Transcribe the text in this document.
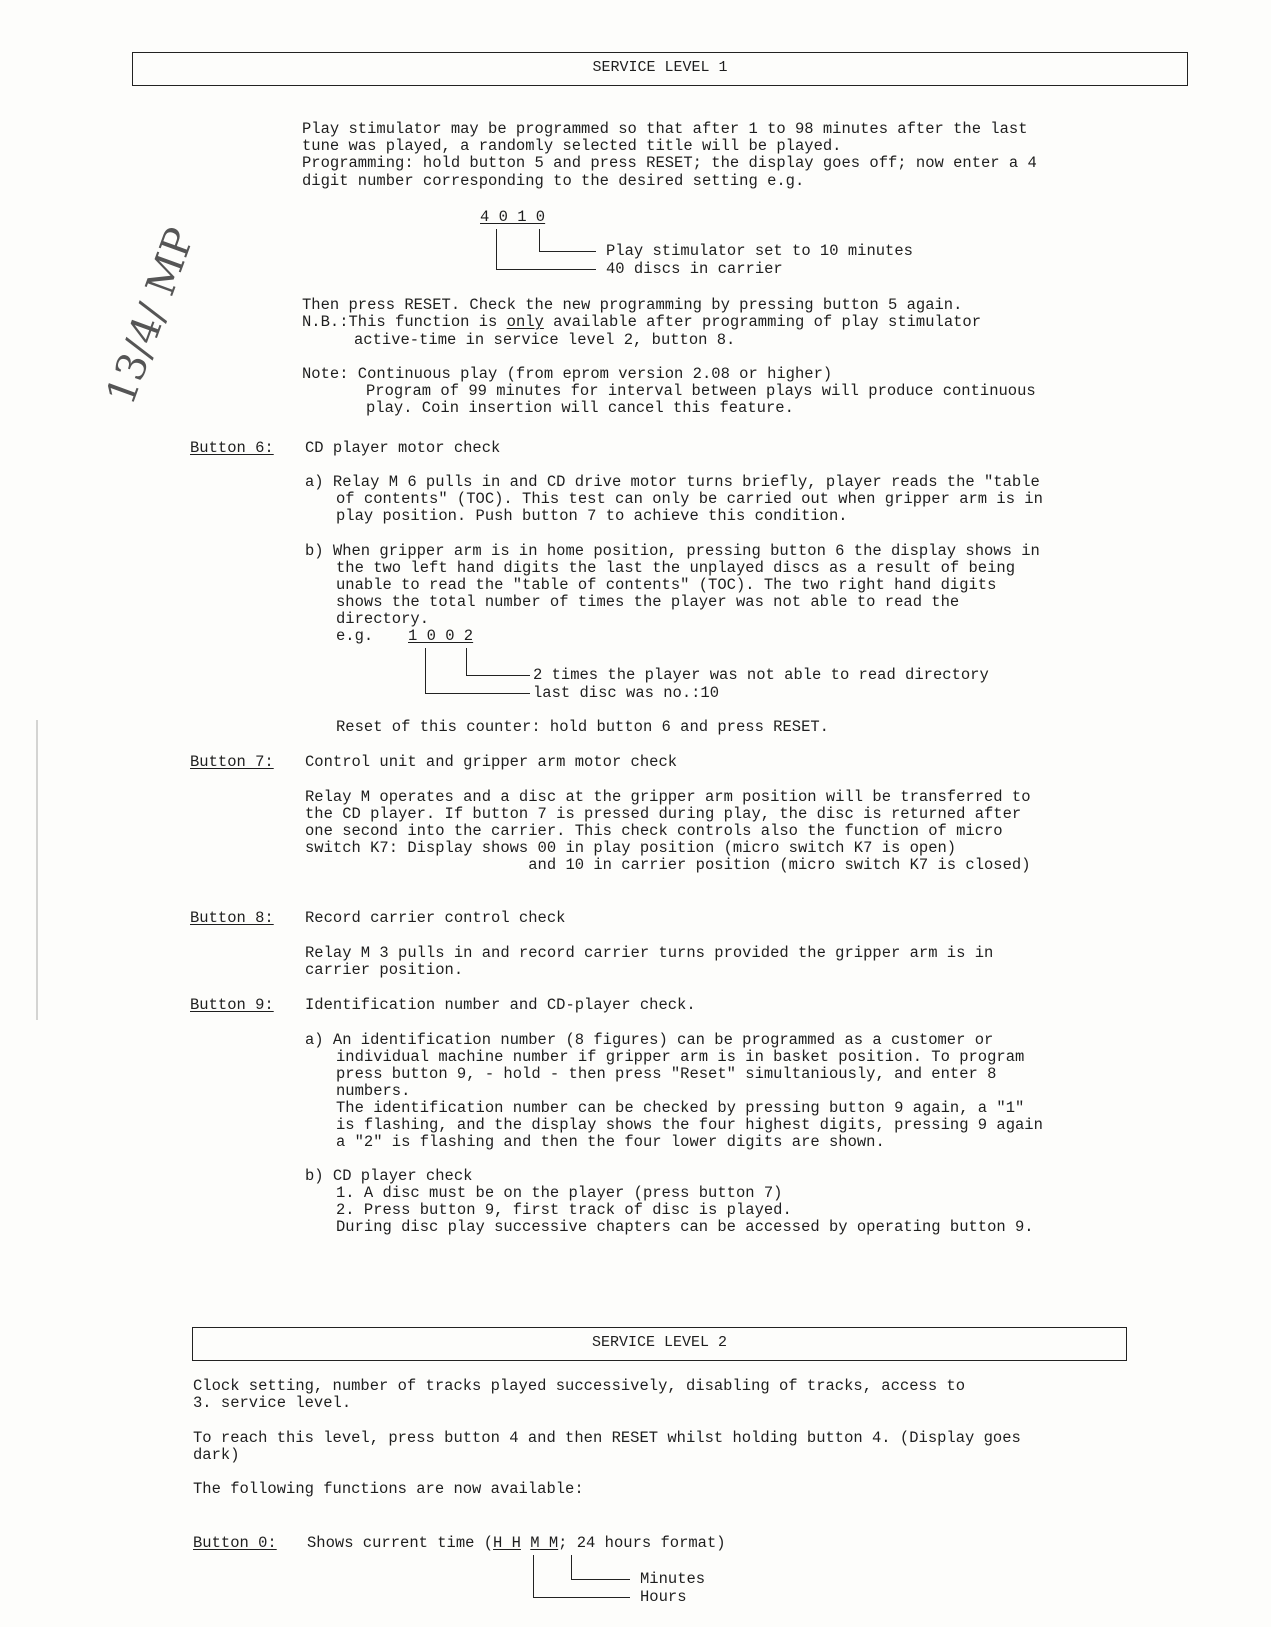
13/4/ MP
SERVICE LEVEL 1
Play stimulator may be programmed so that after 1 to 98 minutes after the last
tune was played, a randomly selected title will be played.
Programming: hold button 5 and press RESET; the display goes off; now enter a 4
digit number corresponding to the desired setting e.g.
4 0 1 0
Play stimulator set to 10 minutes
40 discs in carrier
Then press RESET. Check the new programming by pressing button 5 again.
N.B.:This function is only available after programming of play stimulator
active-time in service level 2, button 8.
Note: Continuous play (from eprom version 2.08 or higher)
Program of 99 minutes for interval between plays will produce continuous
play. Coin insertion will cancel this feature.
Button 6: CD player motor check
a) Relay M 6 pulls in and CD drive motor turns briefly, player reads the "table
of contents" (TOC). This test can only be carried out when gripper arm is in
play position. Push button 7 to achieve this condition.
b) When gripper arm is in home position, pressing button 6 the display shows in
the two left hand digits the last the unplayed discs as a result of being
unable to read the "table of contents" (TOC). The two right hand digits
shows the total number of times the player was not able to read the
directory.
e.g. 1 0 0 2
2 times the player was not able to read directory
last disc was no.:10
Reset of this counter: hold button 6 and press RESET.
Button 7: Control unit and gripper arm motor check
Relay M operates and a disc at the gripper arm position will be transferred to
the CD player. If button 7 is pressed during play, the disc is returned after
one second into the carrier. This check controls also the function of micro
switch K7: Display shows 00 in play position (micro switch K7 is open)
and 10 in carrier position (micro switch K7 is closed)
Button 8: Record carrier control check
Relay M 3 pulls in and record carrier turns provided the gripper arm is in
carrier position.
Button 9: Identification number and CD-player check.
a) An identification number (8 figures) can be programmed as a customer or
individual machine number if gripper arm is in basket position. To program
press button 9, - hold - then press "Reset" simultaniously, and enter 8
numbers.
The identification number can be checked by pressing button 9 again, a "1"
is flashing, and the display shows the four highest digits, pressing 9 again
a "2" is flashing and then the four lower digits are shown.
b) CD player check
1. A disc must be on the player (press button 7)
2. Press button 9, first track of disc is played.
During disc play successive chapters can be accessed by operating button 9.
SERVICE LEVEL 2
Clock setting, number of tracks played successively, disabling of tracks, access to
3. service level.
To reach this level, press button 4 and then RESET whilst holding button 4. (Display goes
dark)
The following functions are now available:
Button 0: Shows current time (H H M M; 24 hours format)
Minutes
Hours
